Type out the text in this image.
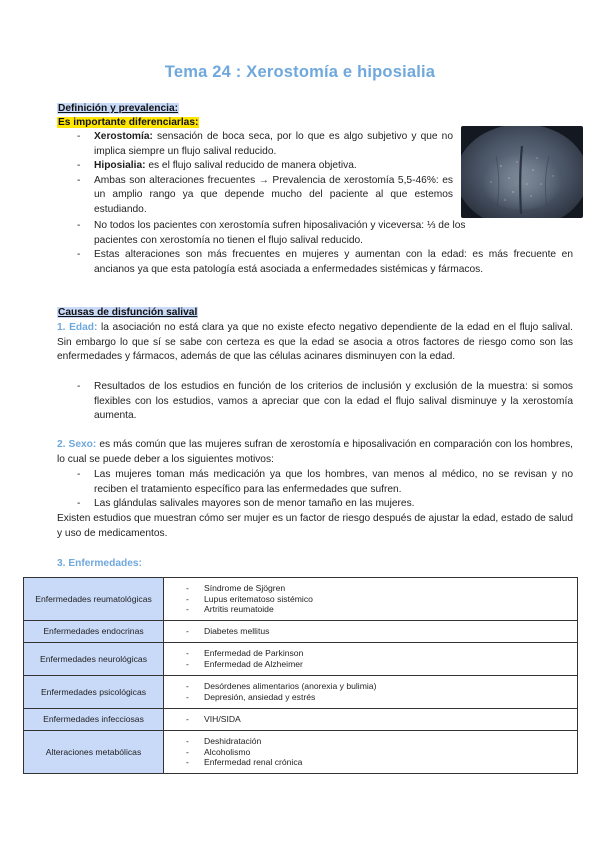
Tema 24 : Xerostomía e hiposialia
Definición y prevalencia:
Es importante diferenciarlas:
- Xerostomía: sensación de boca seca, por lo que es algo subjetivo y que no implica siempre un flujo salival reducido.
- Hiposialia: es el flujo salival reducido de manera objetiva.
- Ambas son alteraciones frecuentes → Prevalencia de xerostomía 5,5-46%: es un amplio rango ya que depende mucho del paciente al que estemos estudiando.
- No todos los pacientes con xerostomía sufren hiposalivación y viceversa: ⅓ de los pacientes con xerostomía no tienen el flujo salival reducido.
- Estas alteraciones son más frecuentes en mujeres y aumentan con la edad: es más frecuente en ancianos ya que esta patología está asociada a enfermedades sistémicas y fármacos.
Causas de disfunción salival
1. Edad: la asociación no está clara ya que no existe efecto negativo dependiente de la edad en el flujo salival. Sin embargo lo que sí se sabe con certeza es que la edad se asocia a otros factores de riesgo como son las enfermedades y fármacos, además de que las células acinares disminuyen con la edad.
- Resultados de los estudios en función de los criterios de inclusión y exclusión de la muestra: si somos flexibles con los estudios, vamos a apreciar que con la edad el flujo salival disminuye y la xerostomía aumenta.
2. Sexo: es más común que las mujeres sufran de xerostomía e hiposalivación en comparación con los hombres, lo cual se puede deber a los siguientes motivos:
- Las mujeres toman más medicación ya que los hombres, van menos al médico, no se revisan y no reciben el tratamiento específico para las enfermedades que sufren.
- Las glándulas salivales mayores son de menor tamaño en las mujeres.
Existen estudios que muestran cómo ser mujer es un factor de riesgo después de ajustar la edad, estado de salud y uso de medicamentos.
3. Enfermedades:
Enfermedades reumatológicas	- Síndrome de Sjögren
- Lupus eritematoso sistémico
- Artritis reumatoide

Enfermedades endocrinas	- Diabetes mellitus

Enfermedades neurológicas	- Enfermedad de Parkinson
- Enfermedad de Alzheimer

Enfermedades psicológicas	- Desórdenes alimentarios (anorexia y bulimia)
- Depresión, ansiedad y estrés

Enfermedades infecciosas	- VIH/SIDA

Alteraciones metabólicas	- Deshidratación
- Alcoholismo
- Enfermedad renal crónica
